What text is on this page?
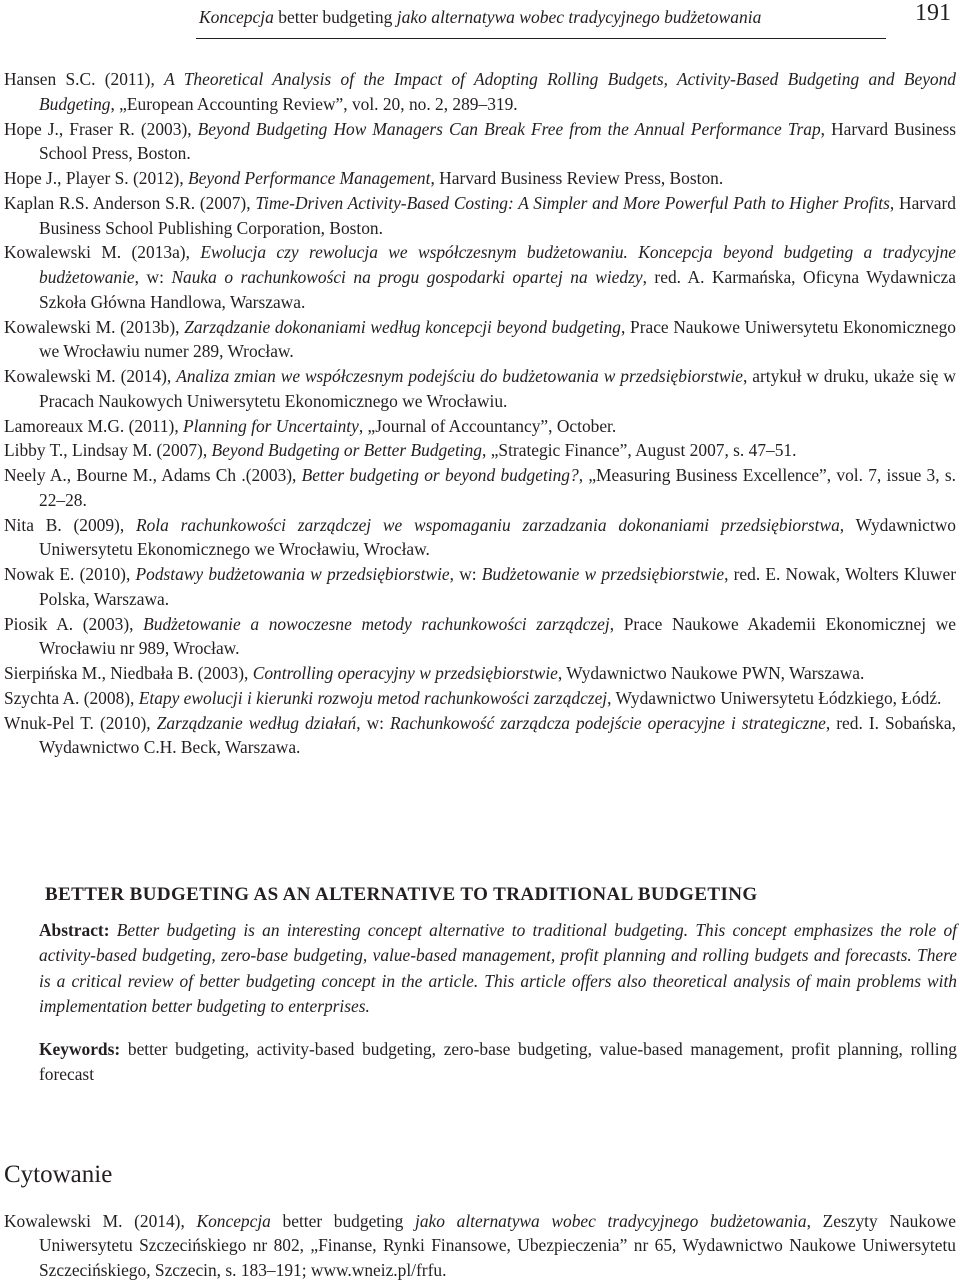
Koncepcja better budgeting jako alternatywa wobec tradycyjnego budżetowania	191

Hansen S.C. (2011), A Theoretical Analysis of the Impact of Adopting Rolling Budgets, Activity-Based Budgeting and Beyond Budgeting, „European Accounting Review”, vol. 20, no. 2, 289–319.

Hope J., Fraser R. (2003), Beyond Budgeting How Managers Can Break Free from the Annual Performance Trap, Harvard Business School Press, Boston.

Hope J., Player S. (2012), Beyond Performance Management, Harvard Business Review Press, Boston.

Kaplan R.S. Anderson S.R. (2007), Time-Driven Activity-Based Costing: A Simpler and More Powerful Path to Higher Profits, Harvard Business School Publishing Corporation, Boston.

Kowalewski M. (2013a), Ewolucja czy rewolucja we współczesnym budżetowaniu. Koncepcja beyond budgeting a tradycyjne budżetowanie, w: Nauka o rachunkowości na progu gospodarki opartej na wiedzy, red. A. Karmańska, Oficyna Wydawnicza Szkoła Główna Handlowa, Warszawa.

Kowalewski M. (2013b), Zarządzanie dokonaniami według koncepcji beyond budgeting, Prace Naukowe Uniwersytetu Ekonomicznego we Wrocławiu numer 289, Wrocław.

Kowalewski M. (2014), Analiza zmian we współczesnym podejściu do budżetowania w przedsiębiorstwie, artykuł w druku, ukaże się w Pracach Naukowych Uniwersytetu Ekonomicznego we Wrocławiu.

Lamoreaux M.G. (2011), Planning for Uncertainty, „Journal of Accountancy”, October.

Libby T., Lindsay M. (2007), Beyond Budgeting or Better Budgeting, „Strategic Finance”, August 2007, s. 47–51.

Neely A., Bourne M., Adams Ch .(2003), Better budgeting or beyond budgeting?, „Measuring Business Excellence”, vol. 7, issue 3, s. 22–28.

Nita B. (2009), Rola rachunkowości zarządczej we wspomaganiu zarzadzania dokonaniami przedsiębiorstwa, Wydawnictwo Uniwersytetu Ekonomicznego we Wrocławiu, Wrocław.

Nowak E. (2010), Podstawy budżetowania w przedsiębiorstwie, w: Budżetowanie w przedsiębiorstwie, red. E. Nowak, Wolters Kluwer Polska, Warszawa.

Piosik A. (2003), Budżetowanie a nowoczesne metody rachunkowości zarządczej, Prace Naukowe Akademii Ekonomicznej we Wrocławiu nr 989, Wrocław.

Sierpińska M., Niedbała B. (2003), Controlling operacyjny w przedsiębiorstwie, Wydawnictwo Naukowe PWN, Warszawa.

Szychta A. (2008), Etapy ewolucji i kierunki rozwoju metod rachunkowości zarządczej, Wydawnictwo Uniwersytetu Łódzkiego, Łódź.

Wnuk-Pel T. (2010), Zarządzanie według działań, w: Rachunkowość zarządcza podejście operacyjne i strategiczne, red. I. Sobańska, Wydawnictwo C.H. Beck, Warszawa.

BETTER BUDGETING AS AN ALTERNATIVE TO TRADITIONAL BUDGETING

Abstract: Better budgeting is an interesting concept alternative to traditional budgeting. This concept emphasizes the role of activity-based budgeting, zero-base budgeting, value-based management, profit planning and rolling budgets and forecasts. There is a critical review of better budgeting concept in the article. This article offers also theoretical analysis of main problems with implementation better budgeting to enterprises.

Keywords: better budgeting, activity-based budgeting, zero-base budgeting, value-based management, profit planning, rolling forecast

Cytowanie

Kowalewski M. (2014), Koncepcja better budgeting jako alternatywa wobec tradycyjnego budżetowania, Zeszyty Naukowe Uniwersytetu Szczecińskiego nr 802, „Finanse, Rynki Finansowe, Ubezpieczenia” nr 65, Wydawnictwo Naukowe Uniwersytetu Szczecińskiego, Szczecin, s. 183–191; www.wneiz.pl/frfu.
